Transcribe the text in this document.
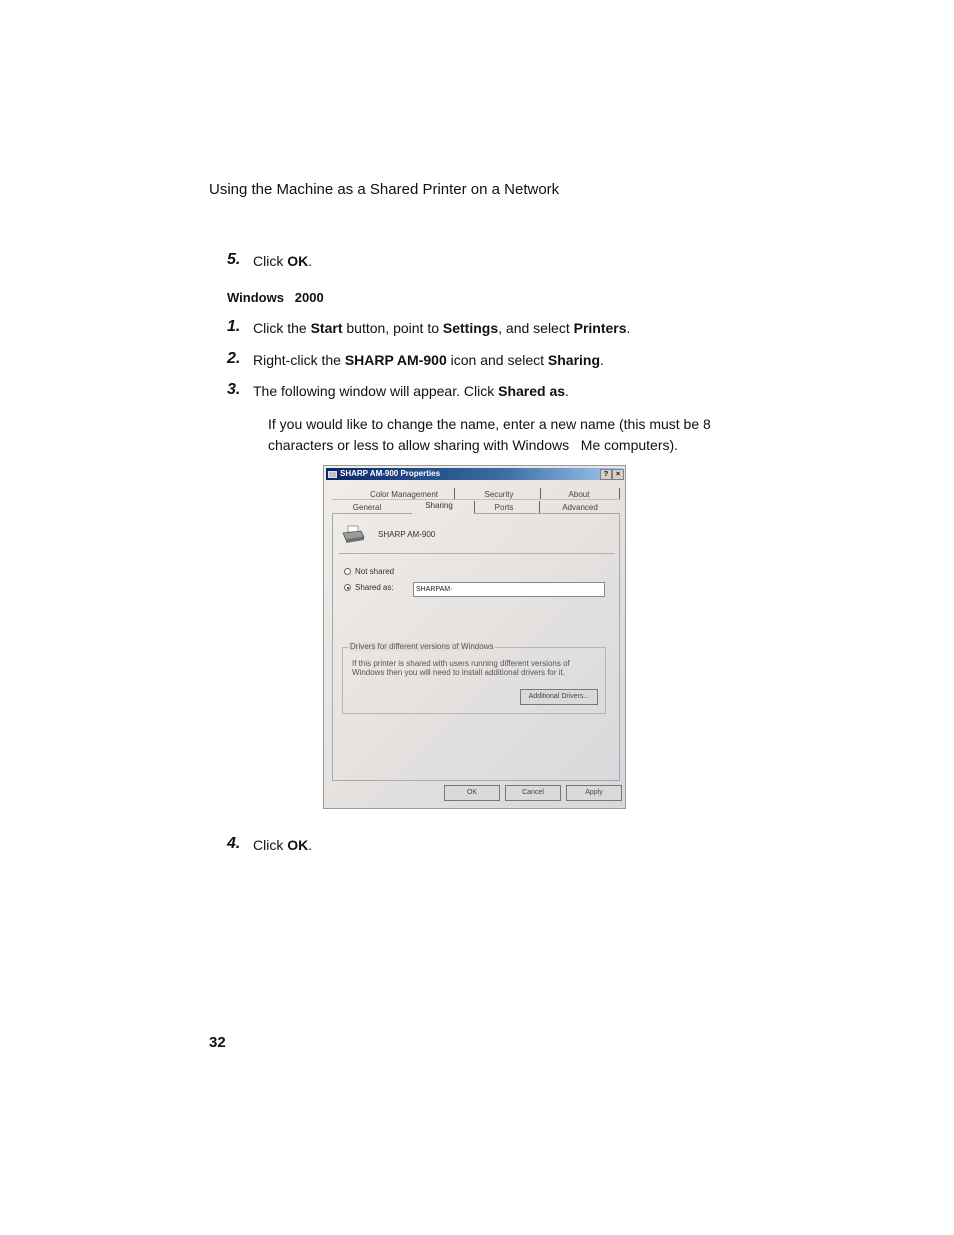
Using the Machine as a Shared Printer on a Network
5. Click OK.
Windows   2000
1. Click the Start button, point to Settings, and select Printers.
2. Right-click the SHARP AM-900 icon and select Sharing.
3. The following window will appear. Click Shared as.
If you would like to change the name, enter a new name (this must be 8
characters or less to allow sharing with Windows   Me computers).
SHARP AM-900 Properties	?	×
Color Management	Security	About
General	Sharing	Ports	Advanced
SHARP AM-900
Not shared
Shared as:	SHARPAM·
Drivers for different versions of Windows
If this printer is shared with users running different versions of
Windows then you will need to install additional drivers for it.
Additional Drivers...
OK	Cancel	Apply
4. Click OK.
32
